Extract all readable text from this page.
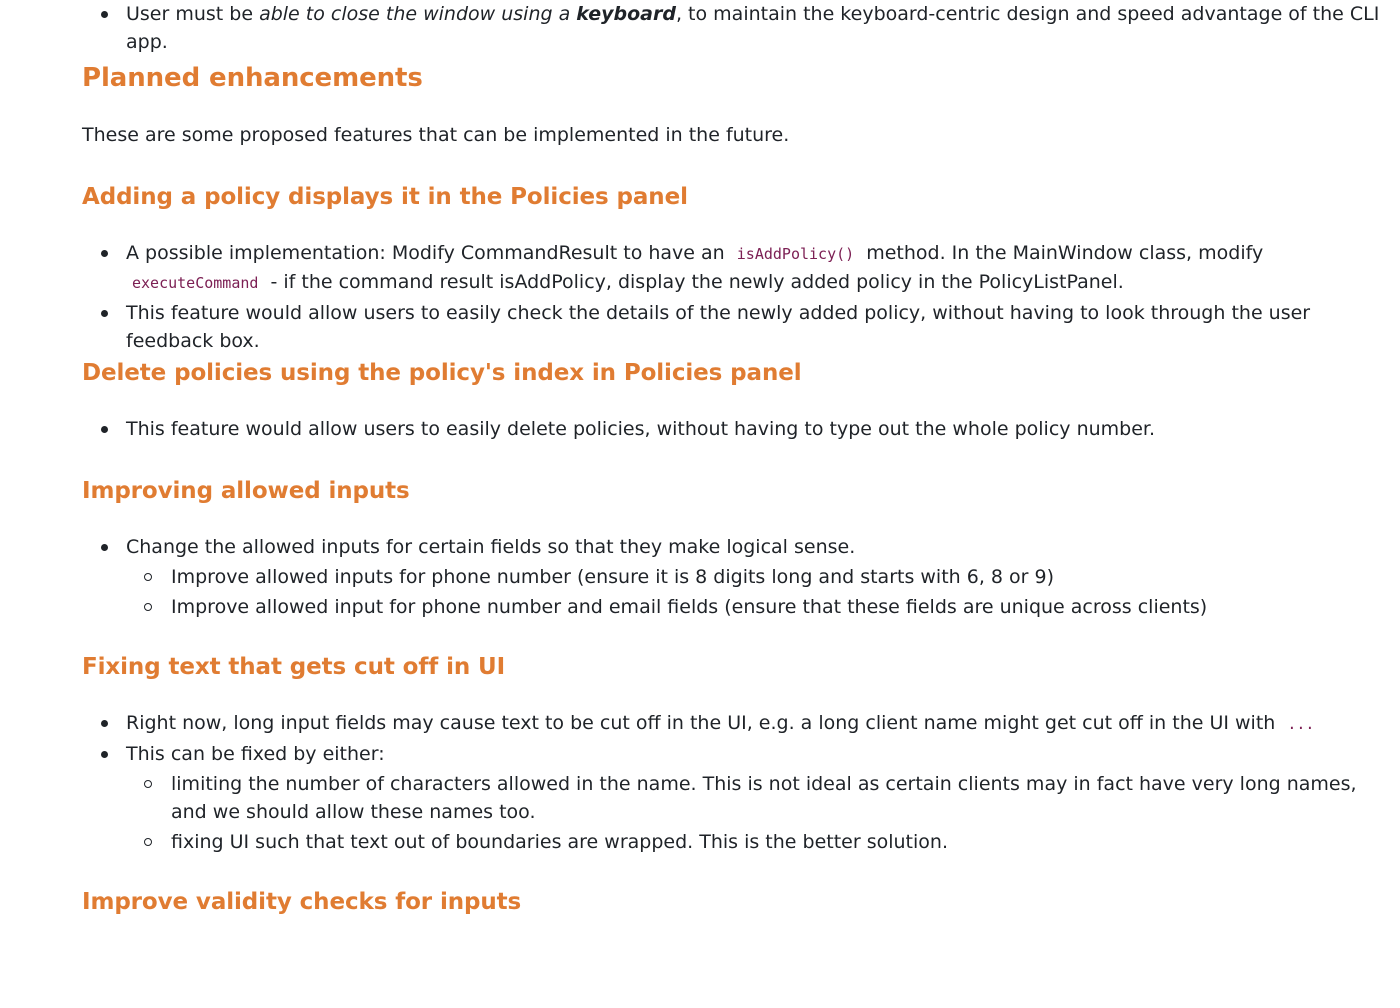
User must be able to close the window using a keyboard, to maintain the keyboard-centric design and speed advantage of the CLI app.
Planned enhancements

These are some proposed features that can be implemented in the future.

Adding a policy displays it in the Policies panel
A possible implementation: Modify CommandResult to have an isAddPolicy() method. In the MainWindow class, modify executeCommand - if the command result isAddPolicy, display the newly added policy in the PolicyListPanel.
This feature would allow users to easily check the details of the newly added policy, without having to look through the user feedback box.
Delete policies using the policy's index in Policies panel
This feature would allow users to easily delete policies, without having to type out the whole policy number.
Improving allowed inputs
Change the allowed inputs for certain fields so that they make logical sense.
Improve allowed inputs for phone number (ensure it is 8 digits long and starts with 6, 8 or 9)
Improve allowed input for phone number and email fields (ensure that these fields are unique across clients)
Fixing text that gets cut off in UI
Right now, long input fields may cause text to be cut off in the UI, e.g. a long client name might get cut off in the UI with ...
This can be fixed by either:
limiting the number of characters allowed in the name. This is not ideal as certain clients may in fact have very long names, and we should allow these names too.
fixing UI such that text out of boundaries are wrapped. This is the better solution.
Improve validity checks for inputs
